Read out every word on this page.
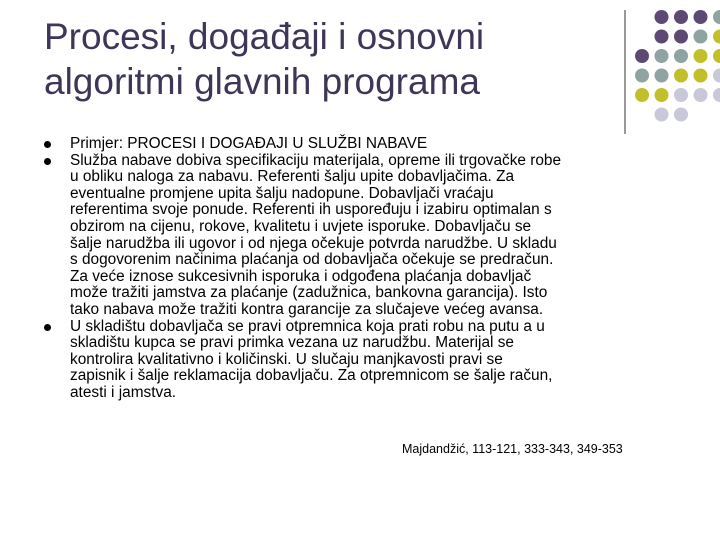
Procesi, događaji i osnovni
algoritmi glavnih programa
Primjer: PROCESI I DOGAĐAJI U SLUŽBI NABAVE
Služba nabave dobiva specifikaciju materijala, opreme ili trgovačke robe
u obliku naloga za nabavu. Referenti šalju upite dobavljačima. Za
eventualne promjene upita šalju nadopune. Dobavljači vraćaju
referentima svoje ponude. Referenti ih uspoređuju i izabiru optimalan s
obzirom na cijenu, rokove, kvalitetu i uvjete isporuke. Dobavljaču se
šalje narudžba ili ugovor i od njega očekuje potvrda narudžbe. U skladu
s dogovorenim načinima plaćanja od dobavljača očekuje se predračun.
Za veće iznose sukcesivnih isporuka i odgođena plaćanja dobavljač
može tražiti jamstva za plaćanje (zadužnica, bankovna garancija). Isto
tako nabava može tražiti kontra garancije za slučajeve većeg avansa.
U skladištu dobavljača se pravi otpremnica koja prati robu na putu a u
skladištu kupca se pravi primka vezana uz narudžbu. Materijal se
kontrolira kvalitativno i količinski. U slučaju manjkavosti pravi se
zapisnik i šalje reklamacija dobavljaču. Za otpremnicom se šalje račun,
atesti i jamstva.
Majdandžić, 113-121, 333-343, 349-353
